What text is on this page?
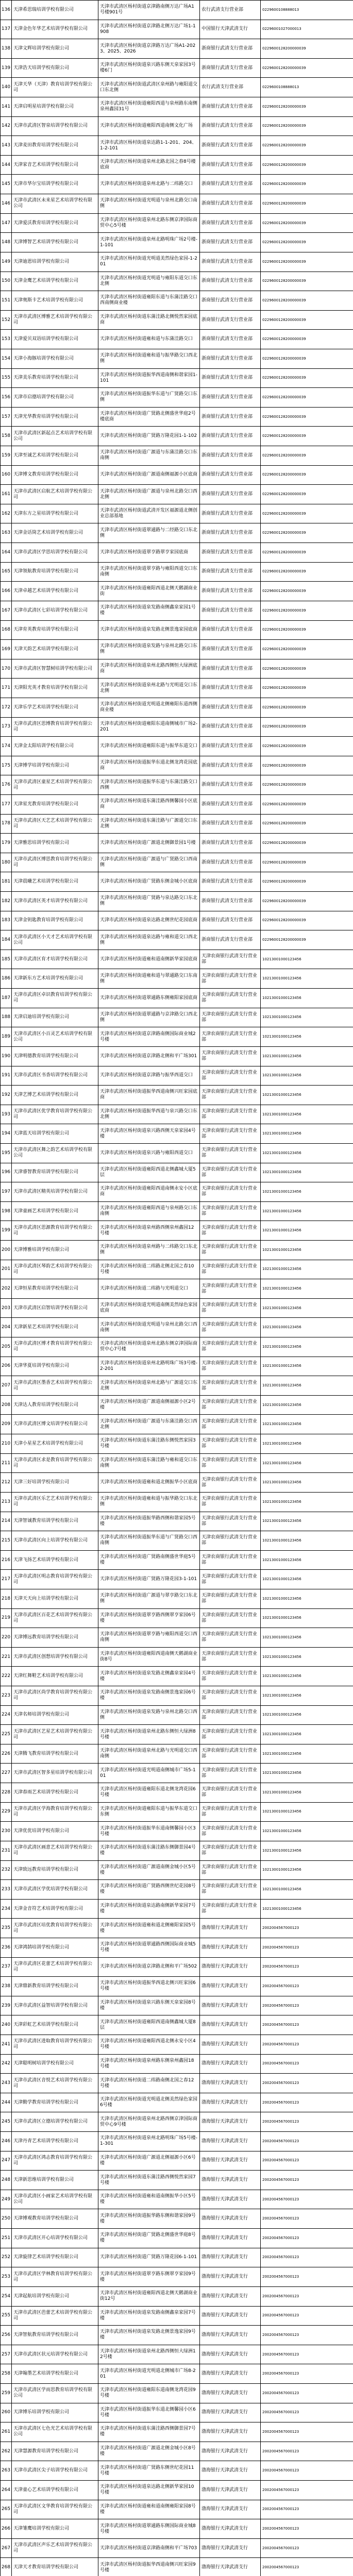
136	天津希思瑞培训学校有限公司	天津市武清区杨村街道京津路南侧万达广场A1号楼901号	农行武清支行营业部	0229600108888013
137	天津金色年华艺术培训学校有限公司	天津市武清区杨村街道京津路北侧万达广场1-1908	中国银行天津武清支行	02296001027000013
138	天津文辉培训学校有限公司	天津市武清区杨村街道京津路万达广场A1-2023、2025、2026	浙商银行武清支行营业部	0229600128200000039
139	天津浩天培训学校有限公司	天津市武清区杨村街道泉兴路东侧天泉家园3号楼6门	浙商银行武清支行营业部	0229600128200000039
140	天津天华（天津）教育培训学校有限公司	天津市武清区杨村街道武清区泉州路与雍阳道交口东北侧	农行武清支行营业部	0229600108888013
141	天津启明星培训学校有限公司	天津市武清区杨村街道雍阳西道与泉州路东南侧泉州鑫园31号	浙商银行武清支行营业部	0229600128200000039
142	天津市武清区智泉培训学校有限公司	天津市武清区杨村街道雍阳西道南侧文化广场	浙商银行武清支行营业部	0229600128200000039
143	天津麦田教育培训学校有限公司	天津市武清区杨村街道泉达路1-1-201、204、1-2-101	浙商银行武清支行营业部	0229600128200000039
144	天津家音艺术培训学校有限公司	天津市武清区杨村街道泉州北路北国之春8号楼底商	浙商银行武清支行营业部	0229600128200000039
145	天津市华尔宝培训学校有限公司	天津市武清区杨村街道泉州北路与二纬路交口	浙商银行武清支行营业部	0229600128200000039
146	天津市武清区未来星艺术培训学校有限公司	天津市武清区杨村街道光明道与泉州北路交口南侧	浙商银行武清支行营业部	0229600128200000039
147	天津爱沃教育培训学校有限公司	天津市武清区杨村街道泉州北路东侧京津国际商贸中心5号楼	浙商银行武清支行营业部	0229600128200000039
148	天津博智艺术培训学校有限公司	天津市武清区杨村街道泉州北路明珠广场2号楼-1-101	浙商银行武清支行营业部	0229600128200000039
149	天津迪恩培训学校有限公司	天津市武清区杨村街道光明道美然绿色家园-1-201	浙商银行武清支行营业部	0229600128200000039
150	天津金鹰艺术培训学校有限公司	天津市武清区杨村街道光明道与雍阳东道交口东北侧	浙商银行武清支行营业部	0229600128200000039
151	天津奥斯卡艺术培训学校有限公司	天津市武清区杨村街道雍阳东道与东蒲洼路交口西南侧商业楼	浙商银行武清支行营业部	0229600128200000039
152	天津市武清区博雅艺术培训学校有限公司	天津市武清区杨村街道东蒲洼路北侧悦然家园底商	浙商银行武清支行营业部	0229600128200000039
153	天津爱贝双语培训学校有限公司	天津市武清区杨村街道雍和道与东蒲洼路交口	浙商银行武清支行营业部	0229600128200000039
154	天津小海豚培训学校有限公司	天津市武清区杨村街道雍和道与振华路交口西北侧	浙商银行武清支行营业部	0229600128200000039
155	天津美乐教育培训学校有限公司	天津市武清区杨村街道振华西道南侧和谐家园1-101	浙商银行武清支行营业部	0229600128200000039
156	天津市启德培训学校有限公司	天津市武清区杨村街道振华东道与广贤路交口东侧	浙商银行武清支行营业部	0229600128200000039
157	天津光华教育培训学校有限公司	天津市武清区杨村街道广贤路北侧盛世华庭2号楼底商	浙商银行武清支行营业部	0229600128200000039
158	天津市武清区新起点艺术培训学校有限公司	天津市武清区杨村街道广贤路万隆花园1-1-102	浙商银行武清支行营业部	0229600128200000039
159	天津至诚艺术培训学校有限公司	天津市武清区杨村街道广源道与东蒲洼路交口东南侧	浙商银行武清支行营业部	0229600128200000039
160	天津博文教育培训学校有限公司	天津市武清区杨村街道广源道南侧福源小区底商	浙商银行武清支行营业部	0229600128200000039
161	天津市武清区启航艺术培训学校有限公司	天津市武清区杨村街道广源道与泉州北路交口西北侧	浙商银行武清支行营业部	0229600128200000039
162	天津东方之星培训学校有限公司	天津市武清区杨村街道武清开发区福源道北侧创业总部基地	浙商银行武清支行营业部	0229600128200000039
163	天津金话筒艺术培训学校有限公司	天津市武清区杨村街道翠通路与二经路交口东北侧	浙商银行武清支行营业部	0229600128200000039
164	天津市武清区学思培训学校有限公司	天津市武清区杨村街道翠亨路翠亨家园底商	浙商银行武清支行营业部	0229600128200000039
165	天津领航教育培训学校有限公司	天津市武清区杨村街道翠亨路与雍阳西道交口东南侧	浙商银行武清支行营业部	0229600128200000039
166	天津卓越艺术培训学校有限公司	天津市武清区杨村街道雍阳西道北侧天鹅湖商业街	浙商银行武清支行营业部	0229600128200000039
167	天津市武清区七彩培训学校有限公司	天津市武清区杨村街道泉发路南侧鑫泉家园1号楼	浙商银行武清支行营业部	0229600128200000039
168	天津育英教育培训学校有限公司	天津市武清区杨村街道泉发路北侧景逸家园底商	浙商银行武清支行营业部	0229600128200000039
169	天津天韵艺术培训学校有限公司	天津市武清区杨村街道泉发路与泉州北路交口东侧	浙商银行武清支行营业部	0229600128200000039
170	天津市武清区智慧树培训学校有限公司	天津市武清区杨村街道泉州北路西侧恒大绿洲底商	浙商银行武清支行营业部	0229600128200000039
171	天津阳光英才教育培训学校有限公司	天津市武清区杨村街道泉州北路与光明道交口东北侧	浙商银行武清支行营业部	0229600128200000039
172	天津乐学艺术培训学校有限公司	天津市武清区杨村街道光明道北侧雍阳东道西侧商业楼	浙商银行武清支行营业部	0229600128200000039
173	天津市武清区思博教育培训学校有限公司	天津市武清区杨村街道雍阳东道南侧城市广场2-201	浙商银行武清支行营业部	0229600128200000039
174	天津金太阳培训学校有限公司	天津市武清区杨村街道雍阳东道与振华东道交口	浙商银行武清支行营业部	0229600128200000039
175	天津博学培训学校有限公司	天津市武清区杨村街道振华东道北侧龙湾花园底商	浙商银行武清支行营业部	0229600128200000039
176	天津市武清区童星艺术培训学校有限公司	天津市武清区杨村街道振华东道与东蒲洼路交口西侧	浙商银行武清支行营业部	0229600128200000039
177	天津星光教育培训学校有限公司	天津市武清区杨村街道东蒲洼路西侧馨园小区底商	浙商银行武清支行营业部	0229600128200000039
178	天津市武清区天艺艺术培训学校有限公司	天津市武清区杨村街道东蒲洼路与广源道交口东北侧	浙商银行武清支行营业部	0229600128200000039
179	天津雅思培训学校有限公司	天津市武清区杨村街道广源道北侧御景园1号楼	浙商银行武清支行营业部	0229600128200000039
180	天津市武清区博思教育培训学校有限公司	天津市武清区杨村街道广源道与广贤路交口西南侧	浙商银行武清支行营业部	0229600128200000039
181	天津晨曦艺术培训学校有限公司	天津市武清区杨村街道广贤路东侧金城小区底商	浙商银行武清支行营业部	0229600128200000039
182	天津市武清区英才培训学校有限公司	天津市武清区杨村街道广贤路与泉达路交口东北侧	浙商银行武清支行营业部	0229600128200000039
183	天津金钥匙教育培训学校有限公司	天津市武清区杨村街道泉达路北侧世纪花园底商	浙商银行武清支行营业部	0229600128200000039
184	天津市武清区小天才艺术培训学校有限公司	天津市武清区杨村街道泉达路与雍和道交口西北侧	浙商银行武清支行营业部	0229600128200000039
185	天津市武清区育才培训学校有限公司	天津市武清区杨村街道雍和道南侧新华家园底商	天津农商银行武清支行营业部	10213001000123456
186	天津新东方艺术培训学校有限公司	天津市武清区杨村街道雍和道与翠通路交口东南侧	天津农商银行武清支行营业部	10213001000123456
187	天津市武清区卓识教育培训学校有限公司	天津市武清区杨村街道翠通路东侧雍阳家园底商	天津农商银行武清支行营业部	10213001000123456
188	天津启迪培训学校有限公司	天津市武清区杨村街道翠通路与京津路交口西北侧	天津农商银行武清支行营业部	10213001000123456
189	天津市武清区小百灵艺术培训学校有限公司	天津市武清区杨村街道京津路南侧国际商业城2号楼	天津农商银行武清支行营业部	10213001000123456
190	天津明德教育培训学校有限公司	天津市武清区杨村街道京津路北侧和平广场301	天津农商银行武清支行营业部	10213001000123456
191	天津市武清区书香培训学校有限公司	天津市武清区杨村街道京津路与振华西道交口	天津农商银行武清支行营业部	10213001000123456
192	天津艺博艺术培训学校有限公司	天津市武清区杨村街道振华西道南侧兴旺家园底商	天津农商银行武清支行营业部	10213001000123456
193	天津市武清区优学教育培训学校有限公司	天津市武清区杨村街道振华西道与泉兴路交口东北侧	天津农商银行武清支行营业部	10213001000123456
194	天津蓝天培训学校有限公司	天津市武清区杨村街道泉兴路西侧天泉家园4号楼	天津农商银行武清支行营业部	10213001000123456
195	天津市武清区舞之韵艺术培训学校有限公司	天津市武清区杨村街道泉兴路与雍阳西道交口	天津农商银行武清支行营业部	10213001000123456
196	天津睿智教育培训学校有限公司	天津市武清区杨村街道雍阳西道北侧鑫城大厦5层	天津农商银行武清支行营业部	10213001000123456
197	天津市武清区精英培训学校有限公司	天津市武清区杨村街道雍阳西道南侧永安小区底商	天津农商银行武清支行营业部	10213001000123456
198	天津童画艺术培训学校有限公司	天津市武清区杨村街道雍阳西道与泉州路交口东南侧	天津农商银行武清支行营业部	10213001000123456
199	天津市武清区思源教育培训学校有限公司	天津市武清区杨村街道泉州路西侧泉州鑫园12号楼	天津农商银行武清支行营业部	10213001000123456
200	天津博雅培训学校有限公司	天津市武清区杨村街道泉州路与二纬路交口东北侧	天津农商银行武清支行营业部	10213001000123456
201	天津市武清区琴韵艺术培训学校有限公司	天津市武清区杨村街道二纬路北侧北国之春10号楼	天津农商银行武清支行营业部	10213001000123456
202	天津恒星教育培训学校有限公司	天津市武清区杨村街道二纬路与光明道交口	天津农商银行武清支行营业部	10213001000123456
203	天津市武清区启智培训学校有限公司	天津市武清区杨村街道光明道南侧美然绿色家园底商	天津农商银行武清支行营业部	10213001000123456
204	天津新星艺术培训学校有限公司	天津市武清区杨村街道光明道与泉州北路交口西南侧	天津农商银行武清支行营业部	10213001000123456
205	天津市武清区博才教育培训学校有限公司	天津市武清区杨村街道泉州北路东侧京津国际商贸中心7号楼	天津农商银行武清支行营业部	10213001000123456
206	天津华夏培训学校有限公司	天津市武清区杨村街道泉州北路明珠广场3号楼-2-201	天津农商银行武清支行营业部	10213001000123456
207	天津市武清区墨香艺术培训学校有限公司	天津市武清区杨村街道泉州北路与广源道交口东北侧	天津农商银行武清支行营业部	10213001000123456
208	天津达人教育培训学校有限公司	天津市武清区杨村街道广源道南侧福源小区2号楼	天津农商银行武清支行营业部	10213001000123456
209	天津市武清区博文培训学校有限公司	天津市武清区杨村街道广源道与东蒲洼路交口西北侧	天津农商银行武清支行营业部	10213001000123456
210	天津小星星艺术培训学校有限公司	天津市武清区杨村街道东蒲洼路东侧悦然家园3号楼	天津农商银行武清支行营业部	10213001000123456
211	天津市武清区求是教育培训学校有限公司	天津市武清区杨村街道东蒲洼路与雍和道交口东南侧	天津农商银行武清支行营业部	10213001000123456
212	天津三好培训学校有限公司	天津市武清区杨村街道雍和道北侧振华小区底商	天津农商银行武清支行营业部	10213001000123456
213	天津市武清区乐艺艺术培训学校有限公司	天津市武清区杨村街道雍和道与振华路交口东北侧	天津农商银行武清支行营业部	10213001000123456
214	天津智诚教育培训学校有限公司	天津市武清区杨村街道振华路西侧和谐家园5号楼	天津农商银行武清支行营业部	10213001000123456
215	天津市武清区向上培训学校有限公司	天津市武清区杨村街道振华东道与广贤路交口西南侧	天津农商银行武清支行营业部	10213001000123456
216	天津飞扬艺术培训学校有限公司	天津市武清区杨村街道广贤路南侧盛世华庭5号楼	天津农商银行武清支行营业部	10213001000123456
217	天津市武清区明志教育培训学校有限公司	天津市武清区杨村街道广贤路万隆花园3-1-101	天津农商银行武清支行营业部	10213001000123456
218	天津天天向上培训学校有限公司	天津市武清区杨村街道广源道与翠亨路交口东北侧	天津农商银行武清支行营业部	10213001000123456
219	天津市武清区百花艺术培训学校有限公司	天津市武清区杨村街道翠亨路西侧翠亨家园6号楼	天津农商银行武清支行营业部	10213001000123456
220	天津博远教育培训学校有限公司	天津市武清区杨村街道翠亨路与雍阳西道交口西南侧	天津农商银行武清支行营业部	10213001000123456
221	天津市武清区创想培训学校有限公司	天津市武清区杨村街道雍阳西道南侧天鹅湖商业街8号	天津农商银行武清支行营业部	10213001000123456
222	天津红舞鞋艺术培训学校有限公司	天津市武清区杨村街道泉发路北侧鑫泉家园4号楼	天津农商银行武清支行营业部	10213001000123456
223	天津市武清区尚学教育培训学校有限公司	天津市武清区杨村街道泉发路南侧景逸家园6号楼	天津农商银行武清支行营业部	10213001000123456
224	天津名师培训学校有限公司	天津市武清区杨村街道泉发路与泉州北路交口西侧	天津农商银行武清支行营业部	10213001000123456
225	天津市武清区艺星艺术培训学校有限公司	天津市武清区杨村街道泉州北路东侧恒大绿洲8号楼	天津农商银行武清支行营业部	10213001000123456
226	天津腾飞教育培训学校有限公司	天津市武清区杨村街道泉州北路与光明道交口西南侧	天津农商银行武清支行营业部	10213001000123456
227	天津市武清区智多星培训学校有限公司	天津市武清区杨村街道光明道南侧城市广场5-101	天津农商银行武清支行营业部	10213001000123456
228	天津春雨艺术培训学校有限公司	天津市武清区杨村街道雍阳东道北侧龙湾花园6号楼	天津农商银行武清支行营业部	10213001000123456
229	天津市武清区学海教育培训学校有限公司	天津市武清区杨村街道雍阳东道与振华东道交口东侧	天津农商银行武清支行营业部	10213001000123456
230	天津优优培训学校有限公司	天津市武清区杨村街道振华东道南侧馨园小区3号楼	天津农商银行武清支行营业部	10213001000123456
231	天津市武清区画意艺术培训学校有限公司	天津市武清区杨村街道东蒲洼路东侧御景园4号楼	天津农商银行武清支行营业部	10213001000123456
232	天津致远教育培训学校有限公司	天津市武清区杨村街道广源道南侧金城小区5号楼	天津农商银行武清支行营业部	10213001000123456
233	天津市武清区学优培训学校有限公司	天津市武清区杨村街道广贤路西侧世纪花园8号楼	天津农商银行武清支行营业部	10213001000123456
234	天津金音符艺术培训学校有限公司	天津市武清区杨村街道泉达路南侧新华家园7号楼	天津农商银行武清支行营业部	10213001000123456
235	天津市武清区培优教育培训学校有限公司	天津市武清区杨村街道雍和道北侧雍阳家园5号楼	渤海银行天津武清支行	2002004567000123
236	天津鸿鹄培训学校有限公司	天津市武清区杨村街道翠通路西侧国际商业城5号楼	渤海银行天津武清支行	2002004567000123
237	天津市武清区花蕾艺术培训学校有限公司	天津市武清区杨村街道京津路北侧和平广场502	渤海银行天津武清支行	2002004567000123
238	天津鼎新教育培训学校有限公司	天津市武清区杨村街道振华西道北侧兴旺家园6号楼	渤海银行天津武清支行	2002004567000123
239	天津市武清区益智培训学校有限公司	天津市武清区杨村街道泉兴路东侧天泉家园8号楼	渤海银行天津武清支行	2002004567000123
240	天津彩虹艺术培训学校有限公司	天津市武清区杨村街道雍阳西道南侧鑫城大厦8层	渤海银行天津武清支行	2002004567000123
241	天津市武清区进取教育培训学校有限公司	天津市武清区杨村街道雍阳西道北侧永安小区4号楼	渤海银行天津武清支行	2002004567000123
242	天津聪明树培训学校有限公司	天津市武清区杨村街道泉州路东侧泉州鑫园18号楼	渤海银行天津武清支行	2002004567000123
243	天津市武清区音悦艺术培训学校有限公司	天津市武清区杨村街道二纬路南侧北国之春12号楼	渤海银行天津武清支行	2002004567000123
244	天津勤学教育培训学校有限公司	天津市武清区杨村街道光明道北侧美然绿色家园6号楼	渤海银行天津武清支行	2002004567000123
245	天津市武清区立德培训学校有限公司	天津市武清区杨村街道泉州北路西侧京津国际商贸中心9号楼	渤海银行天津武清支行	2002004567000123
246	天津丹青艺术培训学校有限公司	天津市武清区杨村街道泉州北路明珠广场5号楼-1-301	渤海银行天津武清支行	2002004567000123
247	天津市武清区鸿志教育培训学校有限公司	天津市武清区杨村街道广源道北侧福源小区6号楼	渤海银行天津武清支行	2002004567000123
248	天津新思维培训学校有限公司	天津市武清区杨村街道东蒲洼路西侧悦然家园7号楼	渤海银行天津武清支行	2002004567000123
249	天津市武清区小画家艺术培训学校有限公司	天津市武清区杨村街道雍和道南侧振华小区5号楼	渤海银行天津武清支行	2002004567000123
250	天津博观教育培训学校有限公司	天津市武清区杨村街道振华路东侧和谐家园9号楼	渤海银行天津武清支行	2002004567000123
251	天津市武清区开心培训学校有限公司	天津市武清区杨村街道广贤路北侧盛世华庭8号楼	渤海银行天津武清支行	2002004567000123
252	天津旋律艺术培训学校有限公司	天津市武清区杨村街道广贤路万隆花园6-1-101	渤海银行天津武清支行	2002004567000123
253	天津市武清区学林教育培训学校有限公司	天津市武清区杨村街道翠亨路东侧翠亨家园9号楼	渤海银行天津武清支行	2002004567000123
254	天津起航培训学校有限公司	天津市武清区杨村街道雍阳西道北侧天鹅湖商业街12号	渤海银行天津武清支行	2002004567000123
255	天津市武清区芭蕾艺术培训学校有限公司	天津市武清区杨村街道泉发路南侧鑫泉家园7号楼	渤海银行天津武清支行	2002004567000123
256	天津智航教育培训学校有限公司	天津市武清区杨村街道泉发路北侧景逸家园9号楼	渤海银行天津武清支行	2002004567000123
257	天津市武清区状元培训学校有限公司	天津市武清区杨村街道泉州北路西侧恒大绿洲12号楼	渤海银行天津武清支行	2002004567000123
258	天津翰墨艺术培训学校有限公司	天津市武清区杨村街道光明道北侧城市广场8-201	渤海银行天津武清支行	2002004567000123
259	天津市武清区学而思教育培训学校有限公司	天津市武清区杨村街道雍阳东道南侧龙湾花园9号楼	渤海银行天津武清支行	2002004567000123
260	天津博乐培训学校有限公司	天津市武清区杨村街道振华东道北侧馨园小区6号楼	渤海银行天津武清支行	2002004567000123
261	天津市武清区七色光艺术培训学校有限公司	天津市武清区杨村街道东蒲洼路西侧御景园7号楼	渤海银行天津武清支行	2002004567000123
262	天津慧源教育培训学校有限公司	天津市武清区杨村街道广源道北侧金城小区8号楼	渤海银行天津武清支行	2002004567000123
263	天津市武清区尖子培训学校有限公司	天津市武清区杨村街道广贤路东侧世纪花园11号楼	渤海银行天津武清支行	2002004567000123
264	天津童心艺术培训学校有限公司	天津市武清区杨村街道泉达路北侧新华家园10号楼	渤海银行天津武清支行	2002004567000123
265	天津市武清区文华教育培训学校有限公司	天津市武清区杨村街道雍和道南侧雍阳家园8号楼	渤海银行天津武清支行	2002004567000123
266	天津雏鹰培训学校有限公司	天津市武清区杨村街道翠通路东侧国际商业城8号楼	渤海银行天津武清支行	2002004567000123
267	天津市武清区声乐艺术培训学校有限公司	天津市武清区杨村街道京津路南侧和平广场703	渤海银行天津武清支行	2002004567000123
268	天津天才教育培训学校有限公司	天津市武清区杨村街道振华西道南侧兴旺家园9号楼	渤海银行天津武清支行	2002004567000123
